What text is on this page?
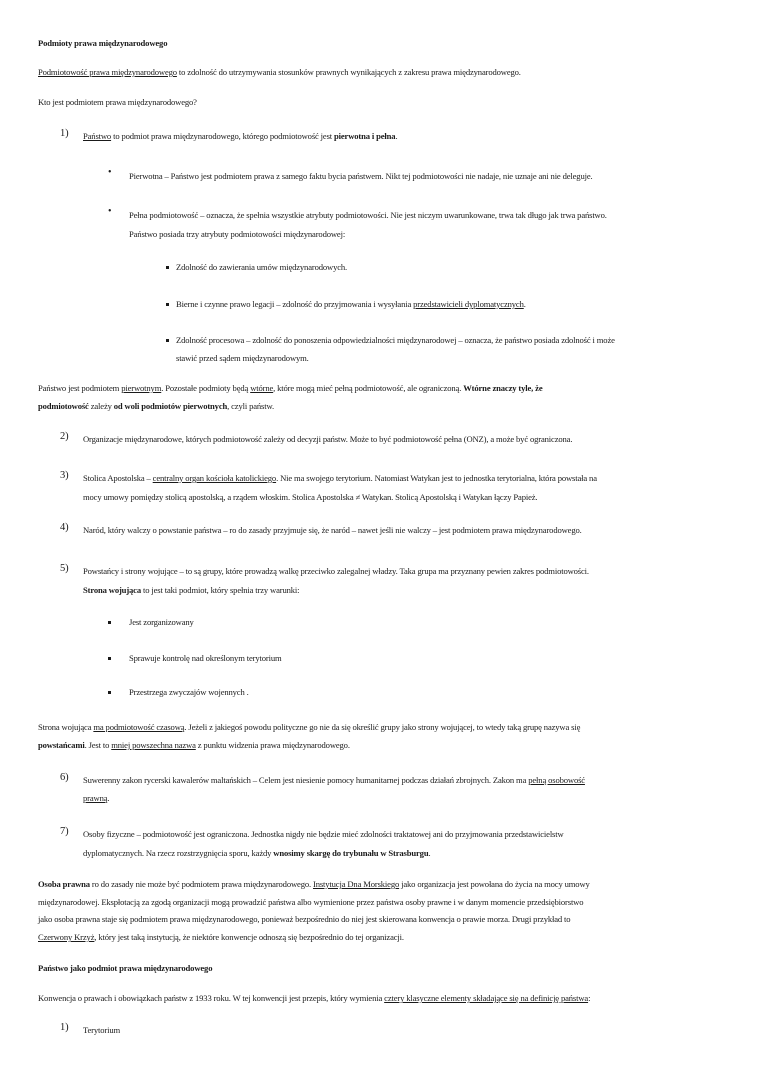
Podmioty prawa międzynarodowego
Podmiotowość prawa międzynarodowego to zdolność do utrzymywania stosunków prawnych wynikających z zakresu prawa międzynarodowego.
Kto jest podmiotem prawa międzynarodowego?
1) Państwo to podmiot prawa międzynarodowego, którego podmiotowość jest pierwotna i pełna.
• Pierwotna – Państwo jest podmiotem prawa z samego faktu bycia państwem. Nikt tej podmiotowości nie nadaje, nie uznaje ani nie deleguje.
• Pełna podmiotowość – oznacza, że spełnia wszystkie atrybuty podmiotowości. Nie jest niczym uwarunkowane, trwa tak długo jak trwa państwo.
Państwo posiada trzy atrybuty podmiotowości międzynarodowej:
Zdolność do zawierania umów międzynarodowych.
Bierne i czynne prawo legacji – zdolność do przyjmowania i wysyłania przedstawicieli dyplomatycznych.
Zdolność procesowa – zdolność do ponoszenia odpowiedzialności międzynarodowej – oznacza, że państwo posiada zdolność i może
stawić przed sądem międzynarodowym.
Państwo jest podmiotem pierwotnym. Pozostałe podmioty będą wtórne, które mogą mieć pełną podmiotowość, ale ograniczoną. Wtórne znaczy tyle, że
podmiotowość zależy od woli podmiotów pierwotnych, czyli państw.
2) Organizacje międzynarodowe, których podmiotowość zależy od decyzji państw. Może to być podmiotowość pełna (ONZ), a może być ograniczona.
3) Stolica Apostolska – centralny organ kościoła katolickiego. Nie ma swojego terytorium. Natomiast Watykan jest to jednostka terytorialna, która powstała na
mocy umowy pomiędzy stolicą apostolską, a rządem włoskim. Stolica Apostolska ≠ Watykan. Stolicą Apostolską i Watykan łączy Papież.
4) Naród, który walczy o powstanie państwa – ro do zasady przyjmuje się, że naród – nawet jeśli nie walczy – jest podmiotem prawa międzynarodowego.
5) Powstańcy i strony wojujące – to są grupy, które prowadzą walkę przeciwko zalegalnej władzy. Taka grupa ma przyznany pewien zakres podmiotowości.
Strona wojująca to jest taki podmiot, który spełnia trzy warunki:
Jest zorganizowany
Sprawuje kontrolę nad określonym terytorium
Przestrzega zwyczajów wojennych .
Strona wojująca ma podmiotowość czasową. Jeżeli z jakiegoś powodu polityczne go nie da się określić grupy jako strony wojującej, to wtedy taką grupę nazywa się
powstańcami. Jest to mniej powszechna nazwa z punktu widzenia prawa międzynarodowego.
6) Suwerenny zakon rycerski kawalerów maltańskich – Celem jest niesienie pomocy humanitarnej podczas działań zbrojnych. Zakon ma pełną osobowość
prawną.
7) Osoby fizyczne – podmiotowość jest ograniczona. Jednostka nigdy nie będzie mieć zdolności traktatowej ani do przyjmowania przedstawicielstw
dyplomatycznych. Na rzecz rozstrzygnięcia sporu, każdy wnosimy skargę do trybunału w Strasburgu.
Osoba prawna ro do zasady nie może być podmiotem prawa międzynarodowego. Instytucja Dna Morskiego jako organizacja jest powołana do życia na mocy umowy
międzynarodowej. Ekspłotacją za zgodą organizacji mogą prowadzić państwa albo wymienione przez państwa osoby prawne i w danym momencie przedsiębiorstwo
jako osoba prawna staje się podmiotem prawa międzynarodowego, ponieważ bezpośrednio do niej jest skierowana konwencja o prawie morza. Drugi przykład to
Czerwony Krzyż, który jest taką instytucją, że niektóre konwencje odnoszą się bezpośrednio do tej organizacji.
Państwo jako podmiot prawa międzynarodowego
Konwencja o prawach i obowiązkach państw z 1933 roku. W tej konwencji jest przepis, który wymienia cztery klasyczne elementy składające się na definicję państwa:
1) Terytorium
